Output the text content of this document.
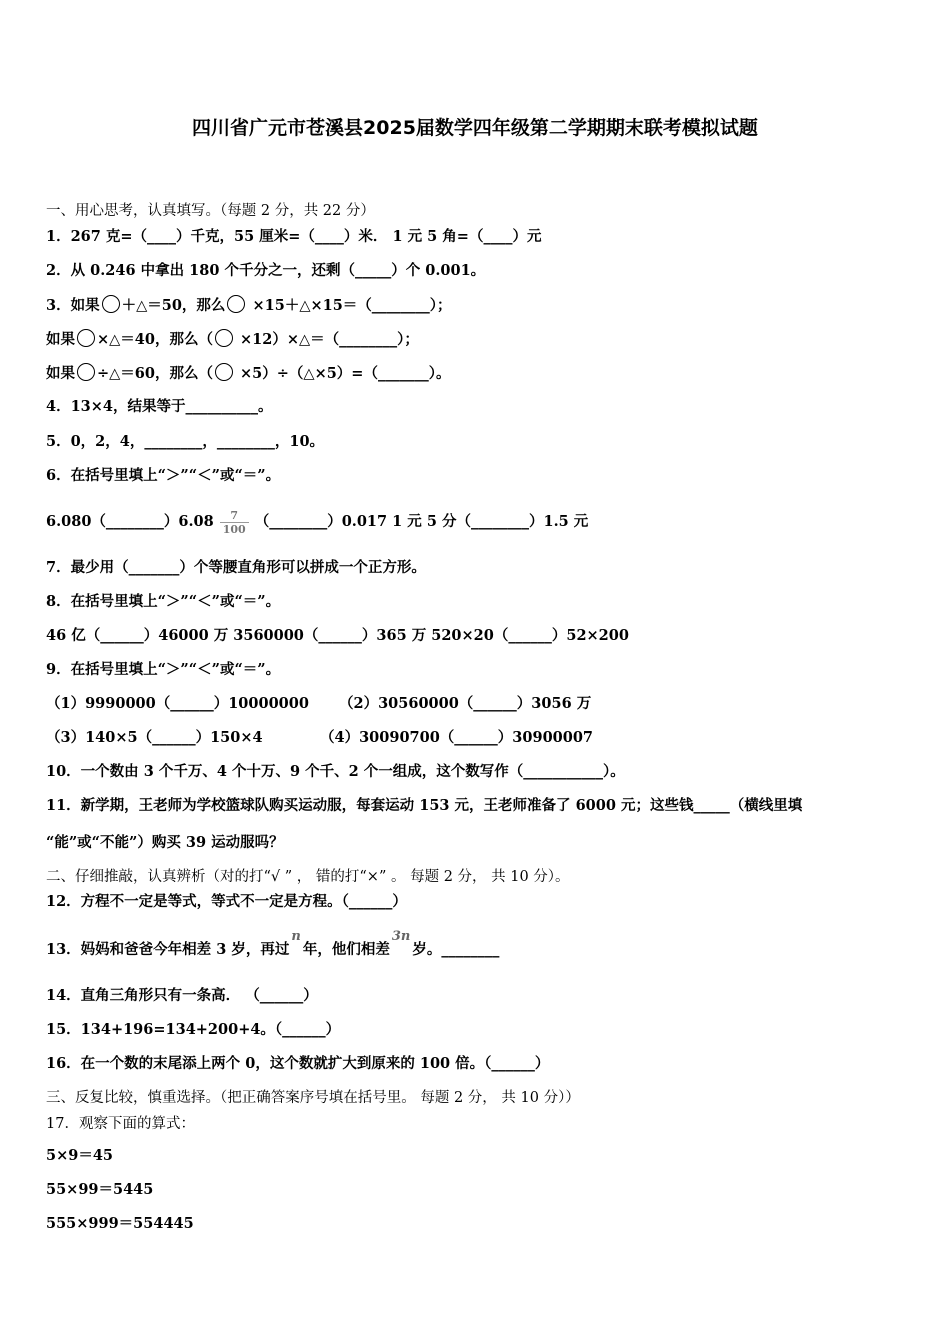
四川省广元市苍溪县2025届数学四年级第二学期期末联考模拟试题
一、用心思考，认真填写。（每题 2 分，共 22 分）
1．267 克=（____）千克，55 厘米=（____）米． 1 元 5 角=（____）元
2．从 0.246 中拿出 180 个千分之一，还剩（_____）个 0.001。
3．如果 ＋△＝50，那么 ×15＋△×15＝（________）；
如果 ×△＝40，那么（ ×12）×△＝（________）；
如果 ÷△＝60，那么（ ×5）÷（△×5）=（_______）。
4．13×4，结果等于__________。
5．0，2，4，________，________，10。
6．在括号里填上“＞”“＜”或“＝”。
6.080（________）6.08 $\frac{7}{100}$ （________）0.017 1 元 5 分（________）1.5 元
7．最少用（_______）个等腰直角形可以拼成一个正方形。
8．在括号里填上“＞”“＜”或“＝”。
46 亿（______）46000 万 3560000（______）365 万 520×20（______）52×200
9．在括号里填上“＞”“＜”或“＝”。
（1）9990000（______）10000000 （2）30560000（______）3056 万
（3）140×5（______）150×4	（4）30090700（______）30900007
10．一个数由 3 个千万、4 个十万、9 个千、2 个一组成，这个数写作（___________）。
11．新学期，王老师为学校篮球队购买运动服，每套运动 153 元，王老师准备了 6000 元；这些钱_____（横线里填
“能”或“不能”）购买 39 运动服吗？
二、仔细推敲，认真辨析（对的打“√ ” ， 错的打“×” 。 每题 2 分， 共 10 分）。
12．方程不一定是等式，等式不一定是方程。（______）
13．妈妈和爸爸今年相差 3 岁，再过n年，他们相差3n岁。________
14．直角三角形只有一条高． （______）
15．134+196=134+200+4。（______）
16．在一个数的末尾添上两个 0，这个数就扩大到原来的 100 倍。（______）
三、反复比较，慎重选择。（把正确答案序号填在括号里。 每题 2 分， 共 10 分））
17．观察下面的算式：
5×9＝45
55×99＝5445
555×999＝554445
